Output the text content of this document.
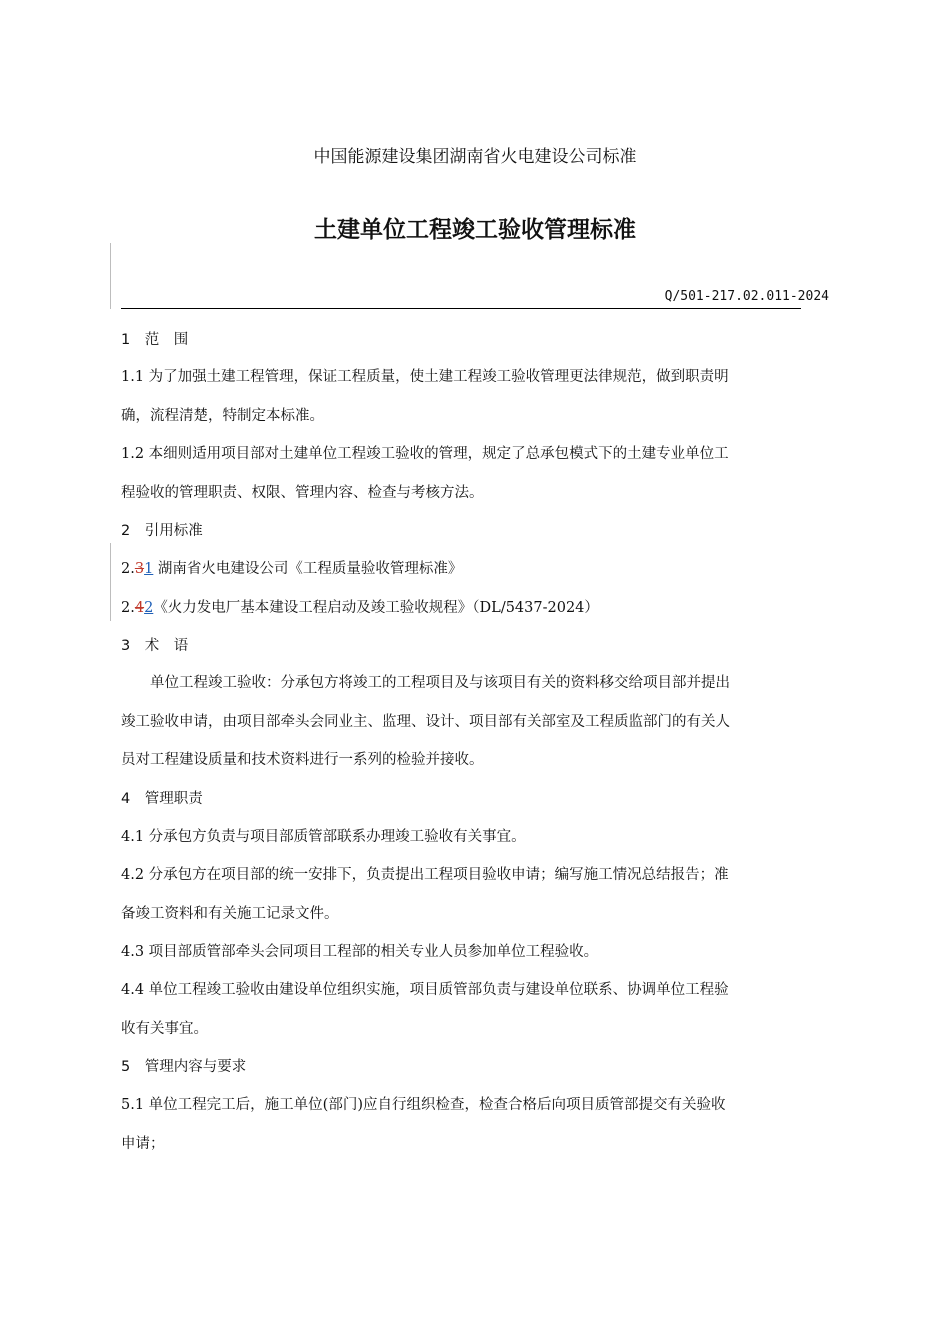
中国能源建设集团湖南省火电建设公司标准
土建单位工程竣工验收管理标准
Q/501-217.02.011-2024
1　范　围
1.1 为了加强土建工程管理，保证工程质量，使土建工程竣工验收管理更法律规范，做到职责明
确，流程清楚，特制定本标准。
1.2 本细则适用项目部对土建单位工程竣工验收的管理，规定了总承包模式下的土建专业单位工
程验收的管理职责、权限、管理内容、检查与考核方法。
2　引用标准
2.31 湖南省火电建设公司《工程质量验收管理标准》
2.42《火力发电厂基本建设工程启动及竣工验收规程》（DL/5437-2024）
3　术　语
　　单位工程竣工验收：分承包方将竣工的工程项目及与该项目有关的资料移交给项目部并提出
竣工验收申请，由项目部牵头会同业主、监理、设计、项目部有关部室及工程质监部门的有关人
员对工程建设质量和技术资料进行一系列的检验并接收。
4　管理职责
4.1 分承包方负责与项目部质管部联系办理竣工验收有关事宜。
4.2 分承包方在项目部的统一安排下，负责提出工程项目验收申请；编写施工情况总结报告；准
备竣工资料和有关施工记录文件。
4.3 项目部质管部牵头会同项目工程部的相关专业人员参加单位工程验收。
4.4 单位工程竣工验收由建设单位组织实施，项目质管部负责与建设单位联系、协调单位工程验
收有关事宜。
5　管理内容与要求
5.1 单位工程完工后，施工单位(部门)应自行组织检查，检查合格后向项目质管部提交有关验收
申请；
